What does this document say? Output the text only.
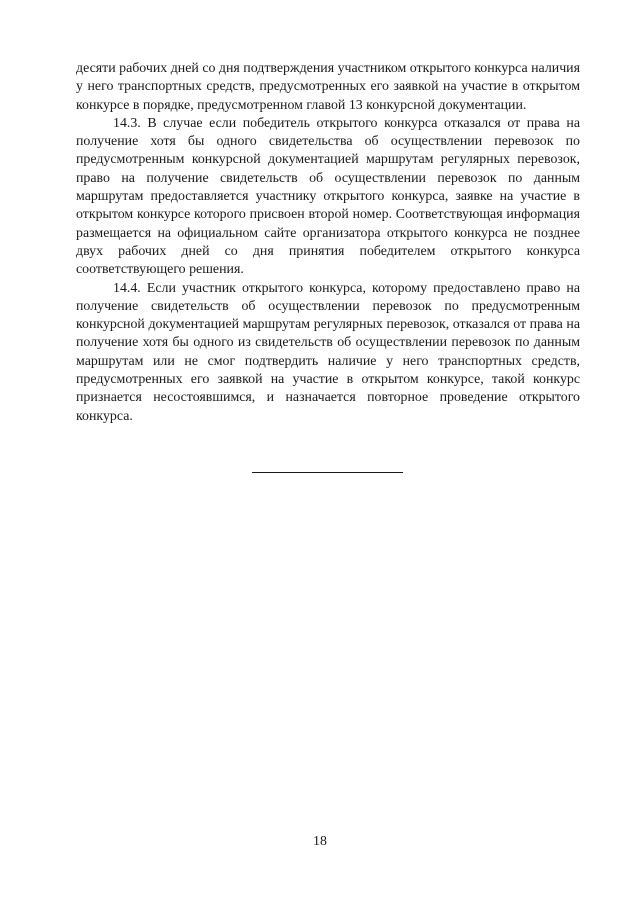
десяти рабочих дней со дня подтверждения участником открытого конкурса наличия у него транспортных средств, предусмотренных его заявкой на участие в открытом конкурсе в порядке, предусмотренном главой 13 конкурсной документации.

14.3. В случае если победитель открытого конкурса отказался от права на получение хотя бы одного свидетельства об осуществлении перевозок по предусмотренным конкурсной документацией маршрутам регулярных перевозок, право на получение свидетельств об осуществлении перевозок по данным маршрутам предоставляется участнику открытого конкурса, заявке на участие в открытом конкурсе которого присвоен второй номер. Соответствующая информация размещается на официальном сайте организатора открытого конкурса не позднее двух рабочих дней со дня принятия победителем открытого конкурса соответствующего решения.

14.4. Если участник открытого конкурса, которому предоставлено право на получение свидетельств об осуществлении перевозок по предусмотренным конкурсной документацией маршрутам регулярных перевозок, отказался от права на получение хотя бы одного из свидетельств об осуществлении перевозок по данным маршрутам или не смог подтвердить наличие у него транспортных средств, предусмотренных его заявкой на участие в открытом конкурсе, такой конкурс признается несостоявшимся, и назначается повторное проведение открытого конкурса.

18
